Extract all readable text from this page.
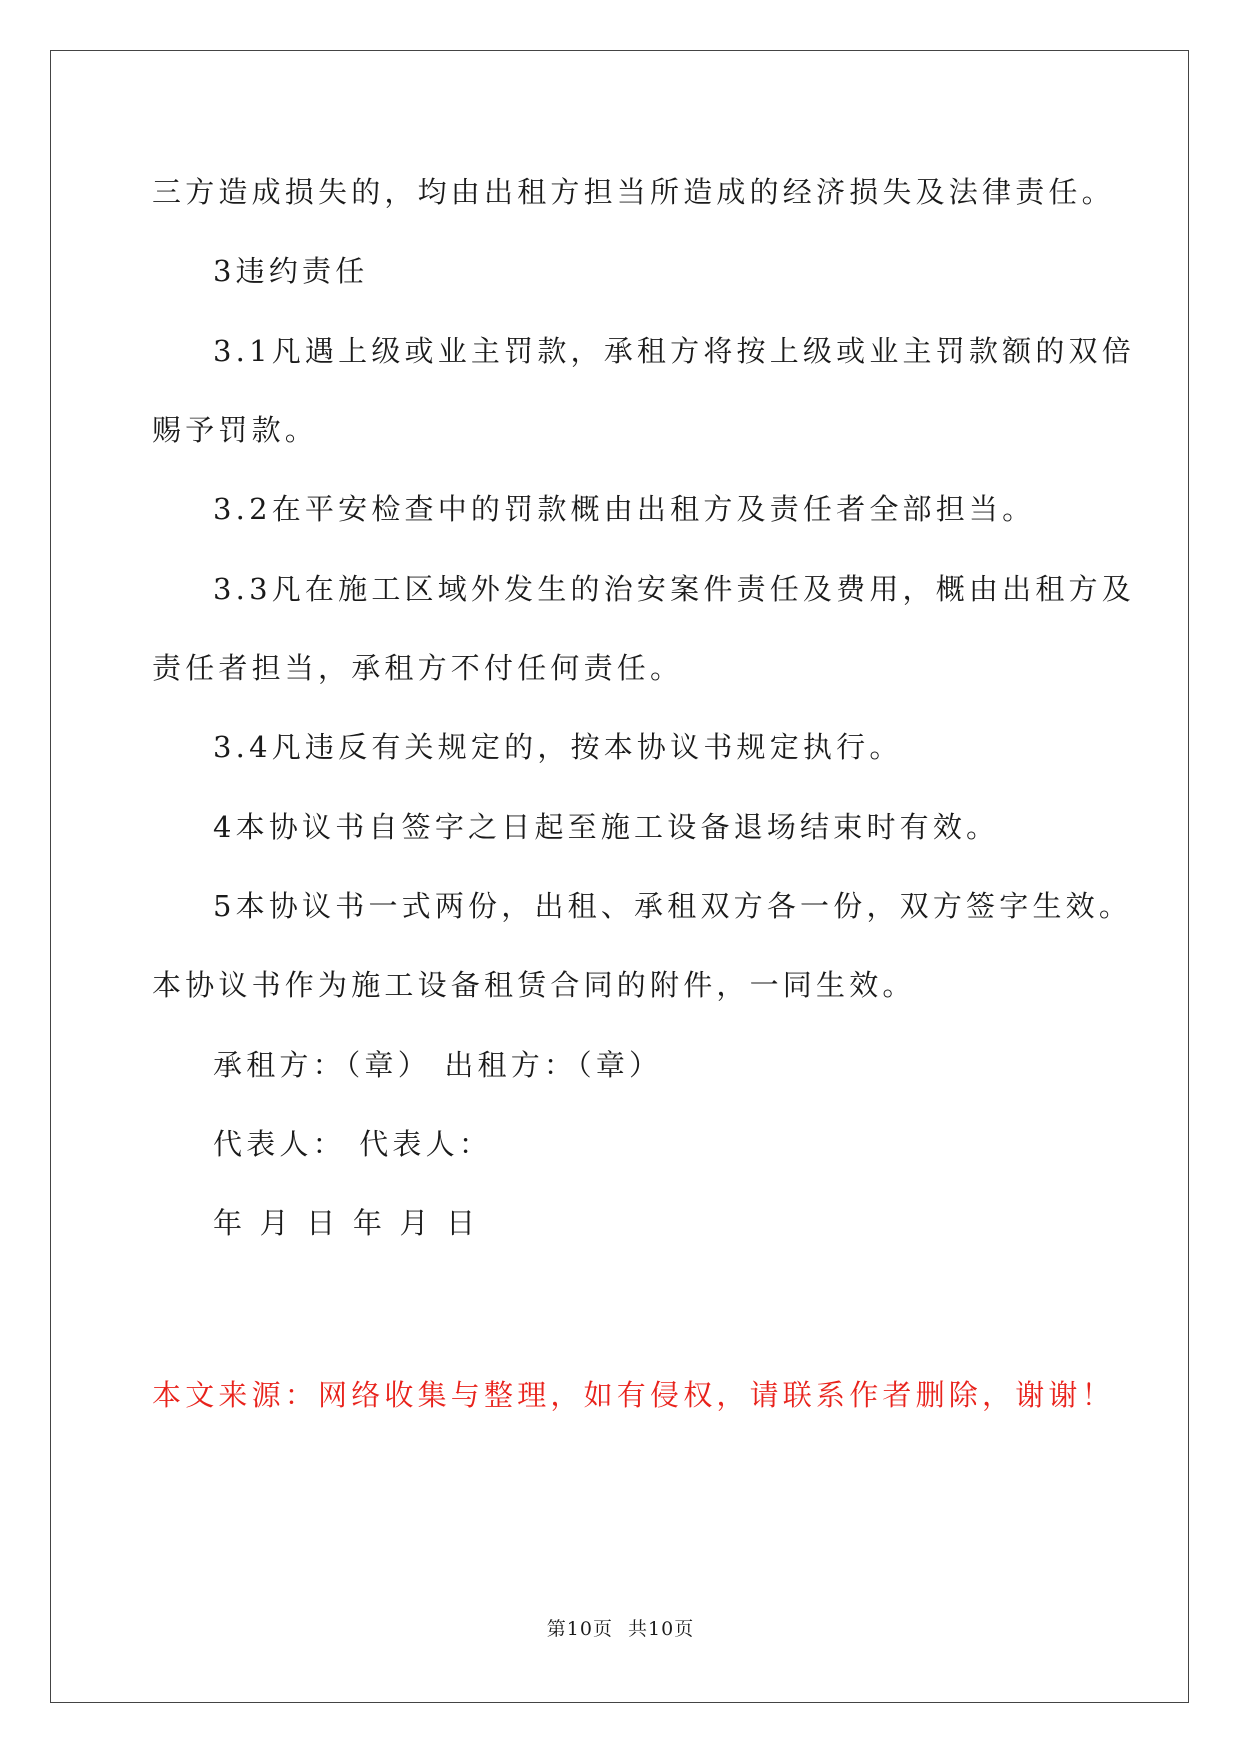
三方造成损失的，均由出租方担当所造成的经济损失及法律责任。
3违约责任
3.1凡遇上级或业主罚款，承租方将按上级或业主罚款额的双倍
赐予罚款。
3.2在平安检查中的罚款概由出租方及责任者全部担当。
3.3凡在施工区域外发生的治安案件责任及费用，概由出租方及
责任者担当，承租方不付任何责任。
3.4凡违反有关规定的，按本协议书规定执行。
4本协议书自签字之日起至施工设备退场结束时有效。
5本协议书一式两份，出租、承租双方各一份，双方签字生效。
本协议书作为施工设备租赁合同的附件，一同生效。
承租方：（章） 出租方：（章）
代表人： 代表人：
年 月 日 年 月 日
本文来源：网络收集与整理，如有侵权，请联系作者删除，谢谢！
第10页 共10页
